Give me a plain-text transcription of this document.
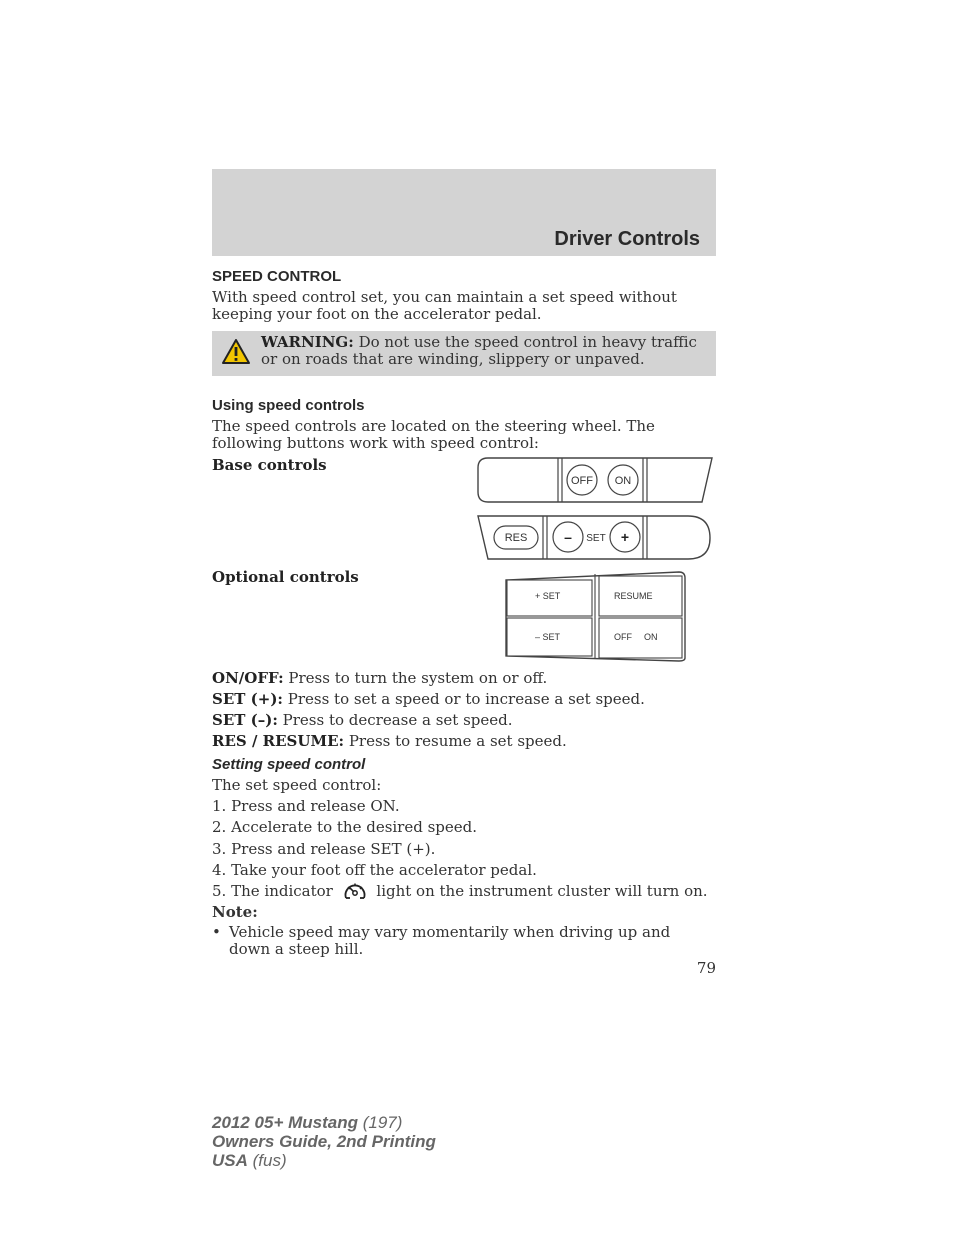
Driver Controls
SPEED CONTROL
With speed control set, you can maintain a set speed without keeping your foot on the accelerator pedal.
WARNING: Do not use the speed control in heavy traffic or on roads that are winding, slippery or unpaved.
Using speed controls
The speed controls are located on the steering wheel. The following buttons work with speed control:
Base controls
OFF ON
RES	– SET +
Optional controls
+ SET	RESUME
– SET	OFF ON
ON/OFF: Press to turn the system on or off.
SET (+): Press to set a speed or to increase a set speed.
SET (–): Press to decrease a set speed.
RES / RESUME: Press to resume a set speed.
Setting speed control
The set speed control:
1. Press and release ON.
2. Accelerate to the desired speed.
3. Press and release SET (+).
4. Take your foot off the accelerator pedal.
5. The indicator	light on the instrument cluster will turn on.
Note:
• Vehicle speed may vary momentarily when driving up and down a steep hill.
79
2012 05+ Mustang (197)
Owners Guide, 2nd Printing
USA (fus)
